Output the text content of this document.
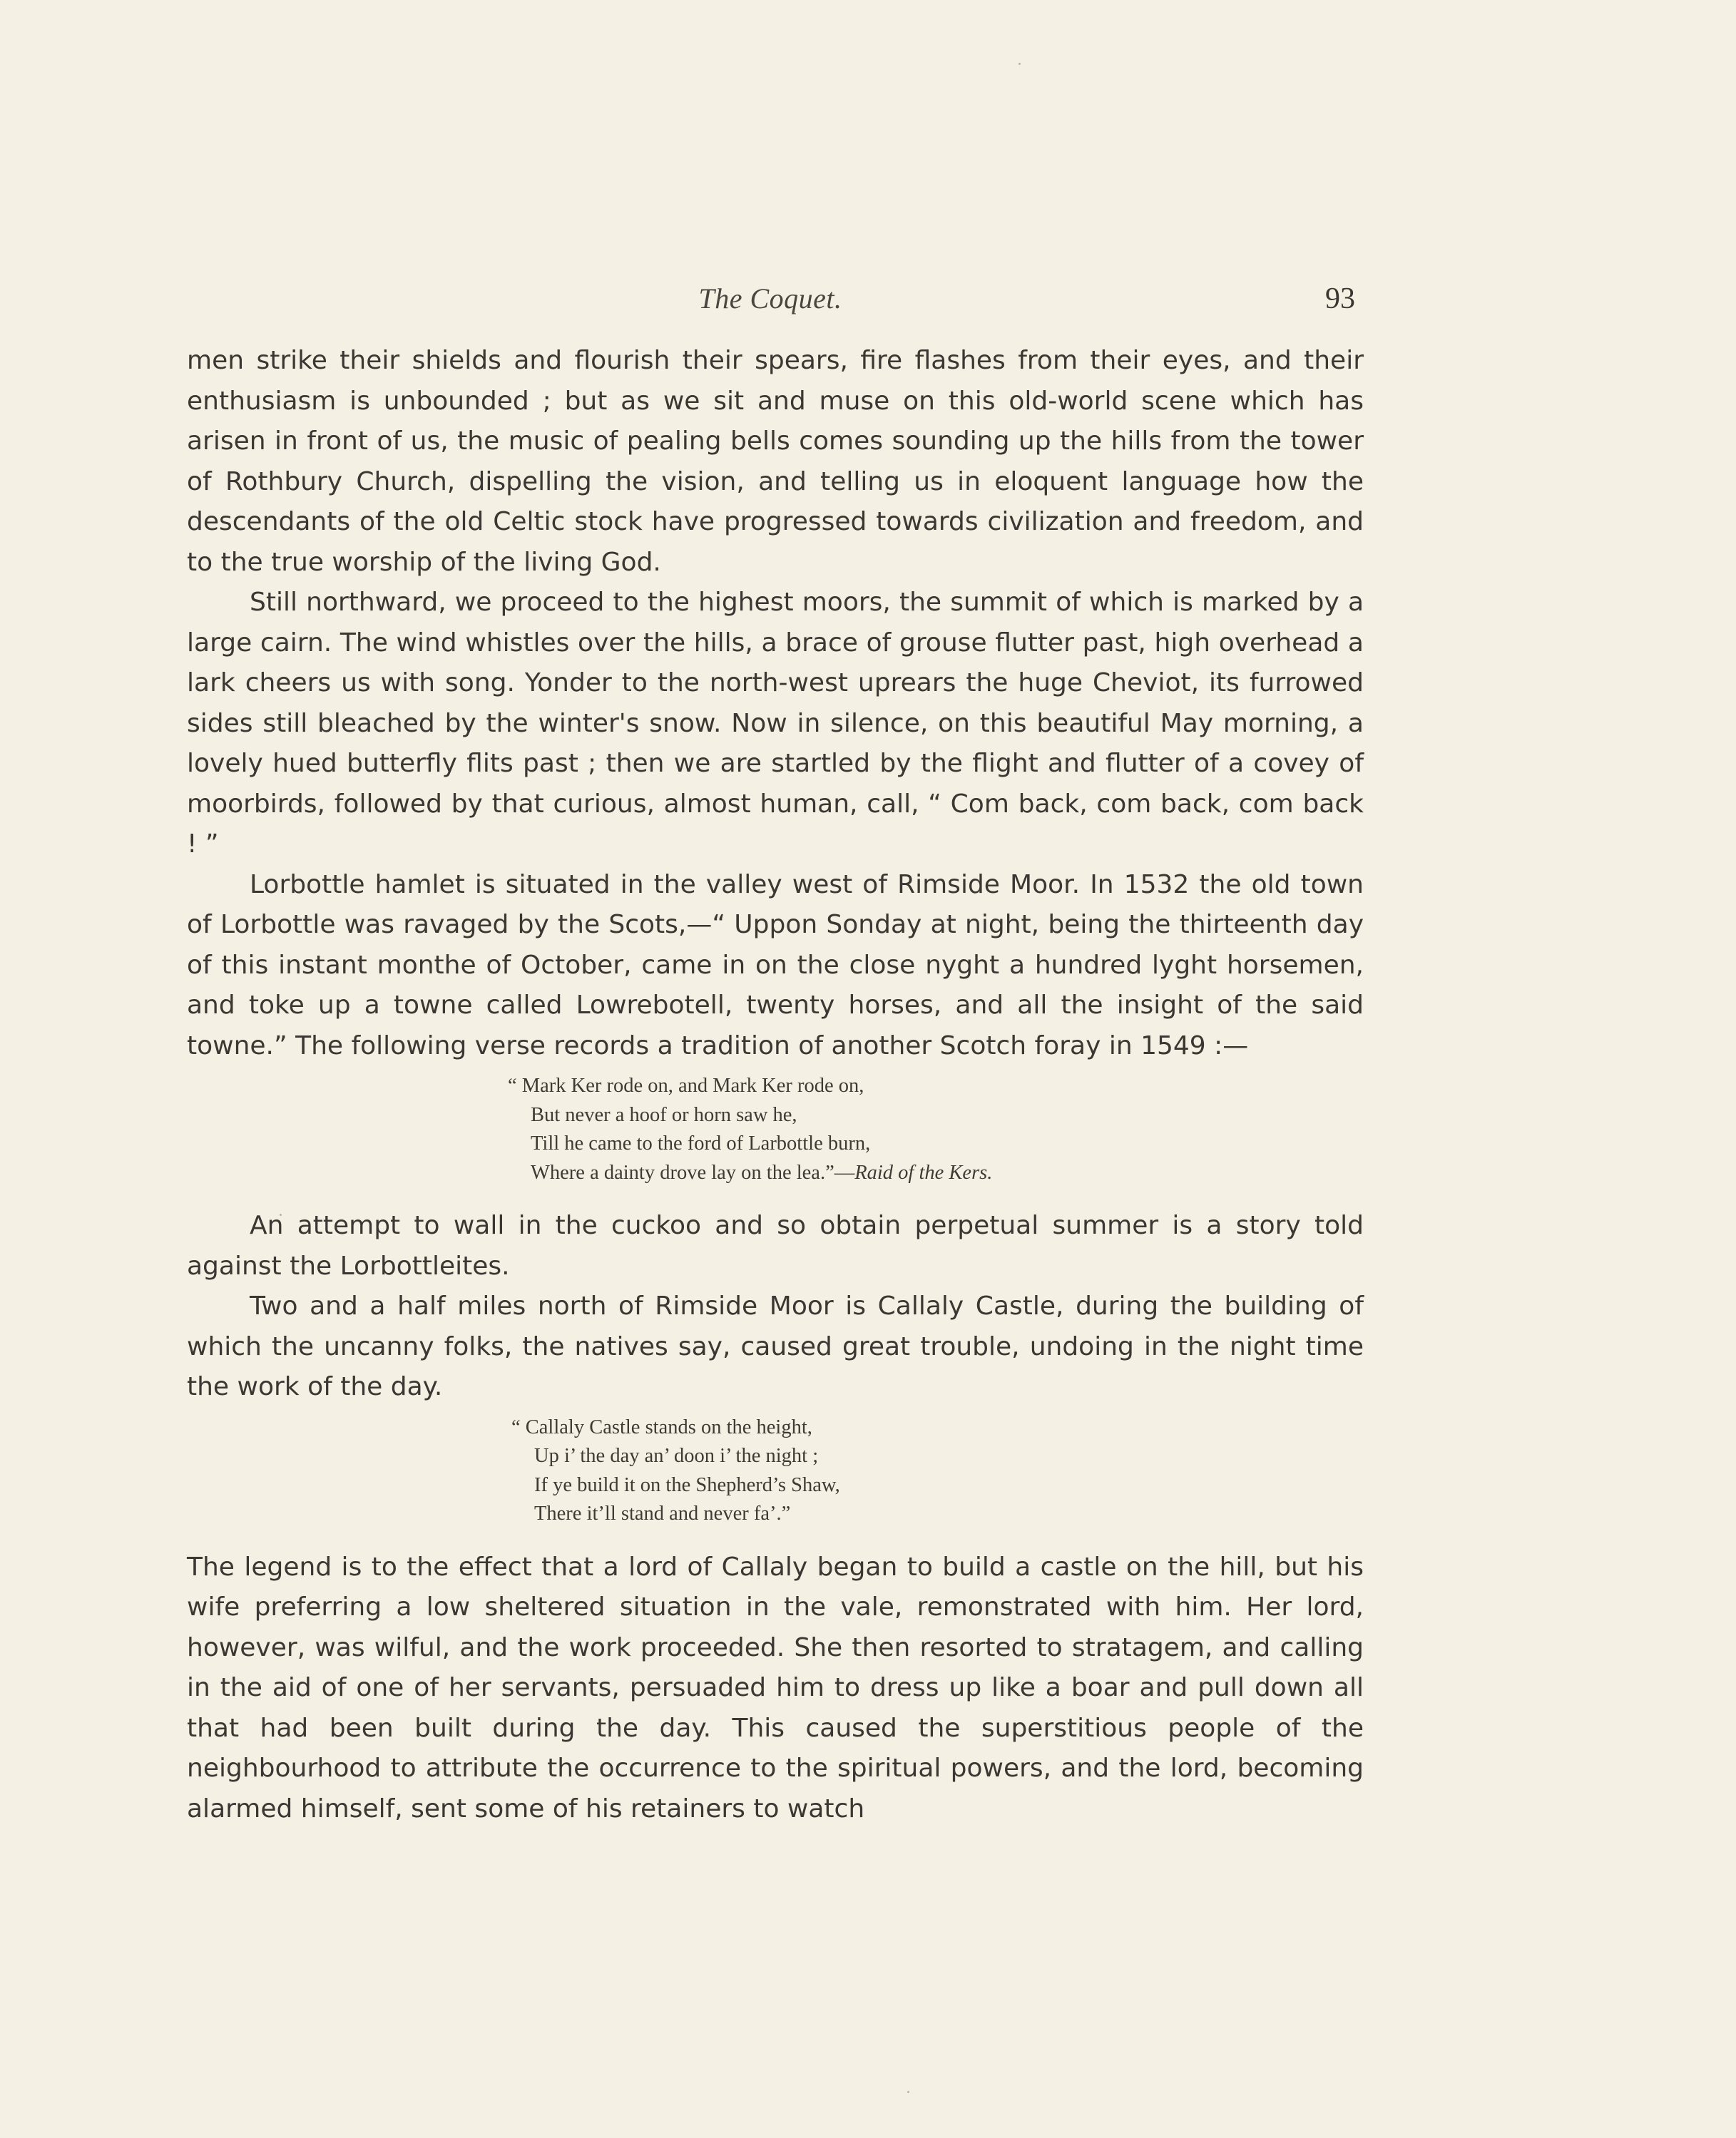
The Coquet.	93

men strike their shields and flourish their spears, fire flashes from their eyes, and their enthusiasm is unbounded ; but as we sit and muse on this old-world scene which has arisen in front of us, the music of pealing bells comes sounding up the hills from the tower of Rothbury Church, dispelling the vision, and telling us in eloquent language how the descendants of the old Celtic stock have progressed towards civilization and freedom, and to the true worship of the living God.

Still northward, we proceed to the highest moors, the summit of which is marked by a large cairn. The wind whistles over the hills, a brace of grouse flutter past, high overhead a lark cheers us with song. Yonder to the north-west uprears the huge Cheviot, its furrowed sides still bleached by the winter's snow. Now in silence, on this beautiful May morning, a lovely hued butterfly flits past ; then we are startled by the flight and flutter of a covey of moorbirds, followed by that curious, almost human, call, “ Com back, com back, com back ! ”

Lorbottle hamlet is situated in the valley west of Rimside Moor. In 1532 the old town of Lorbottle was ravaged by the Scots,—“ Uppon Sonday at night, being the thirteenth day of this instant monthe of October, came in on the close nyght a hundred lyght horsemen, and toke up a towne called Lowrebotell, twenty horses, and all the insight of the said towne.” The following verse records a tradition of another Scotch foray in 1549 :—

“ Mark Ker rode on, and Mark Ker rode on,

But never a hoof or horn saw he,

Till he came to the ford of Larbottle burn,

Where a dainty drove lay on the lea.”—Raid of the Kers.

An attempt to wall in the cuckoo and so obtain perpetual summer is a story told against the Lorbottleites.

Two and a half miles north of Rimside Moor is Callaly Castle, during the building of which the uncanny folks, the natives say, caused great trouble, undoing in the night time the work of the day.

“ Callaly Castle stands on the height,

Up i’ the day an’ doon i’ the night ;

If ye build it on the Shepherd’s Shaw,

There it’ll stand and never fa’.”

The legend is to the effect that a lord of Callaly began to build a castle on the hill, but his wife preferring a low sheltered situation in the vale, remonstrated with him. Her lord, however, was wilful, and the work proceeded. She then resorted to stratagem, and calling in the aid of one of her servants, persuaded him to dress up like a boar and pull down all that had been built during the day. This caused the superstitious people of the neighbourhood to attribute the occurrence to the spiritual powers, and the lord, becoming alarmed himself, sent some of his retainers to watch
